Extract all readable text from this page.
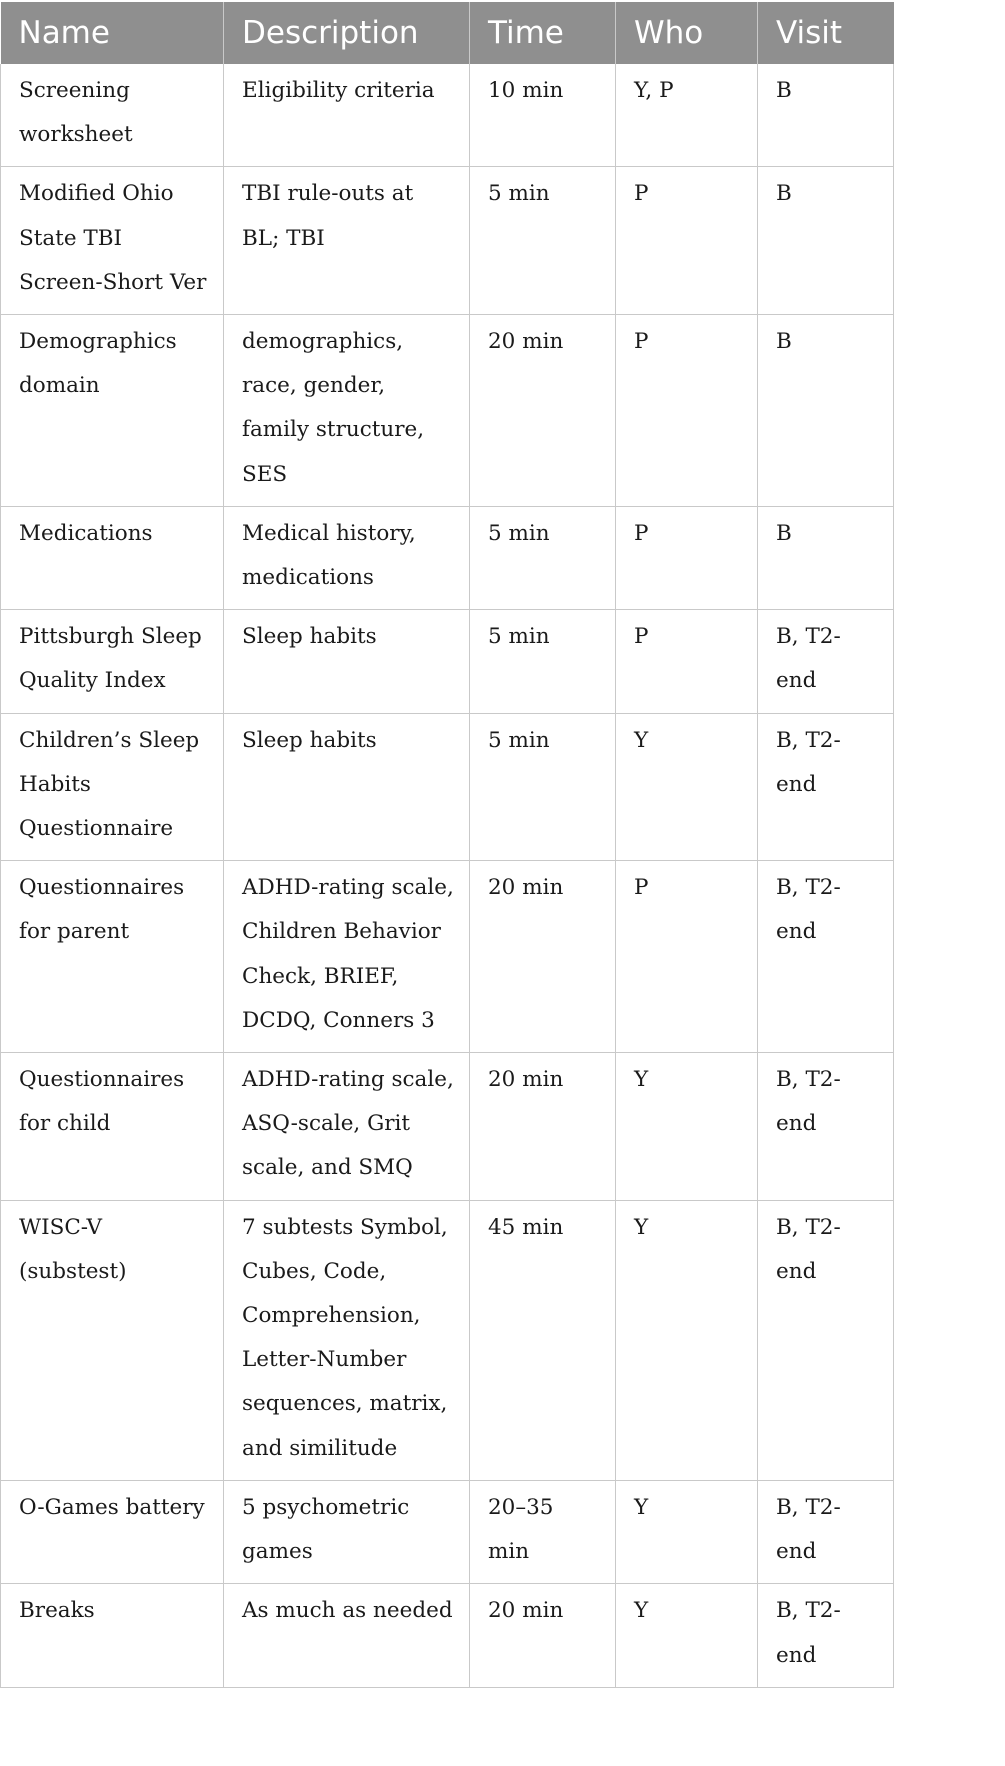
Name	Description	Time	Who	Visit
Screening worksheet	Eligibility criteria	10 min	Y, P	B
Modified Ohio State TBI Screen-Short Ver	TBI rule-outs at BL; TBI	5 min	P	B
Demographics domain	demographics, race, gender, family structure, SES	20 min	P	B
Medications	Medical history, medications	5 min	P	B
Pittsburgh Sleep Quality Index	Sleep habits	5 min	P	B, T2-end
Children’s Sleep Habits Questionnaire	Sleep habits	5 min	Y	B, T2-end
Questionnaires for parent	ADHD-rating scale, Children Behavior Check, BRIEF, DCDQ, Conners 3	20 min	P	B, T2-end
Questionnaires for child	ADHD-rating scale, ASQ-scale, Grit scale, and SMQ	20 min	Y	B, T2-end
WISC-V (substest)	7 subtests Symbol, Cubes, Code, Comprehension, Letter-Number sequences, matrix, and similitude	45 min	Y	B, T2-end
O-Games battery	5 psychometric games	20–35 min	Y	B, T2-end
Breaks	As much as needed	20 min	Y	B, T2-end
